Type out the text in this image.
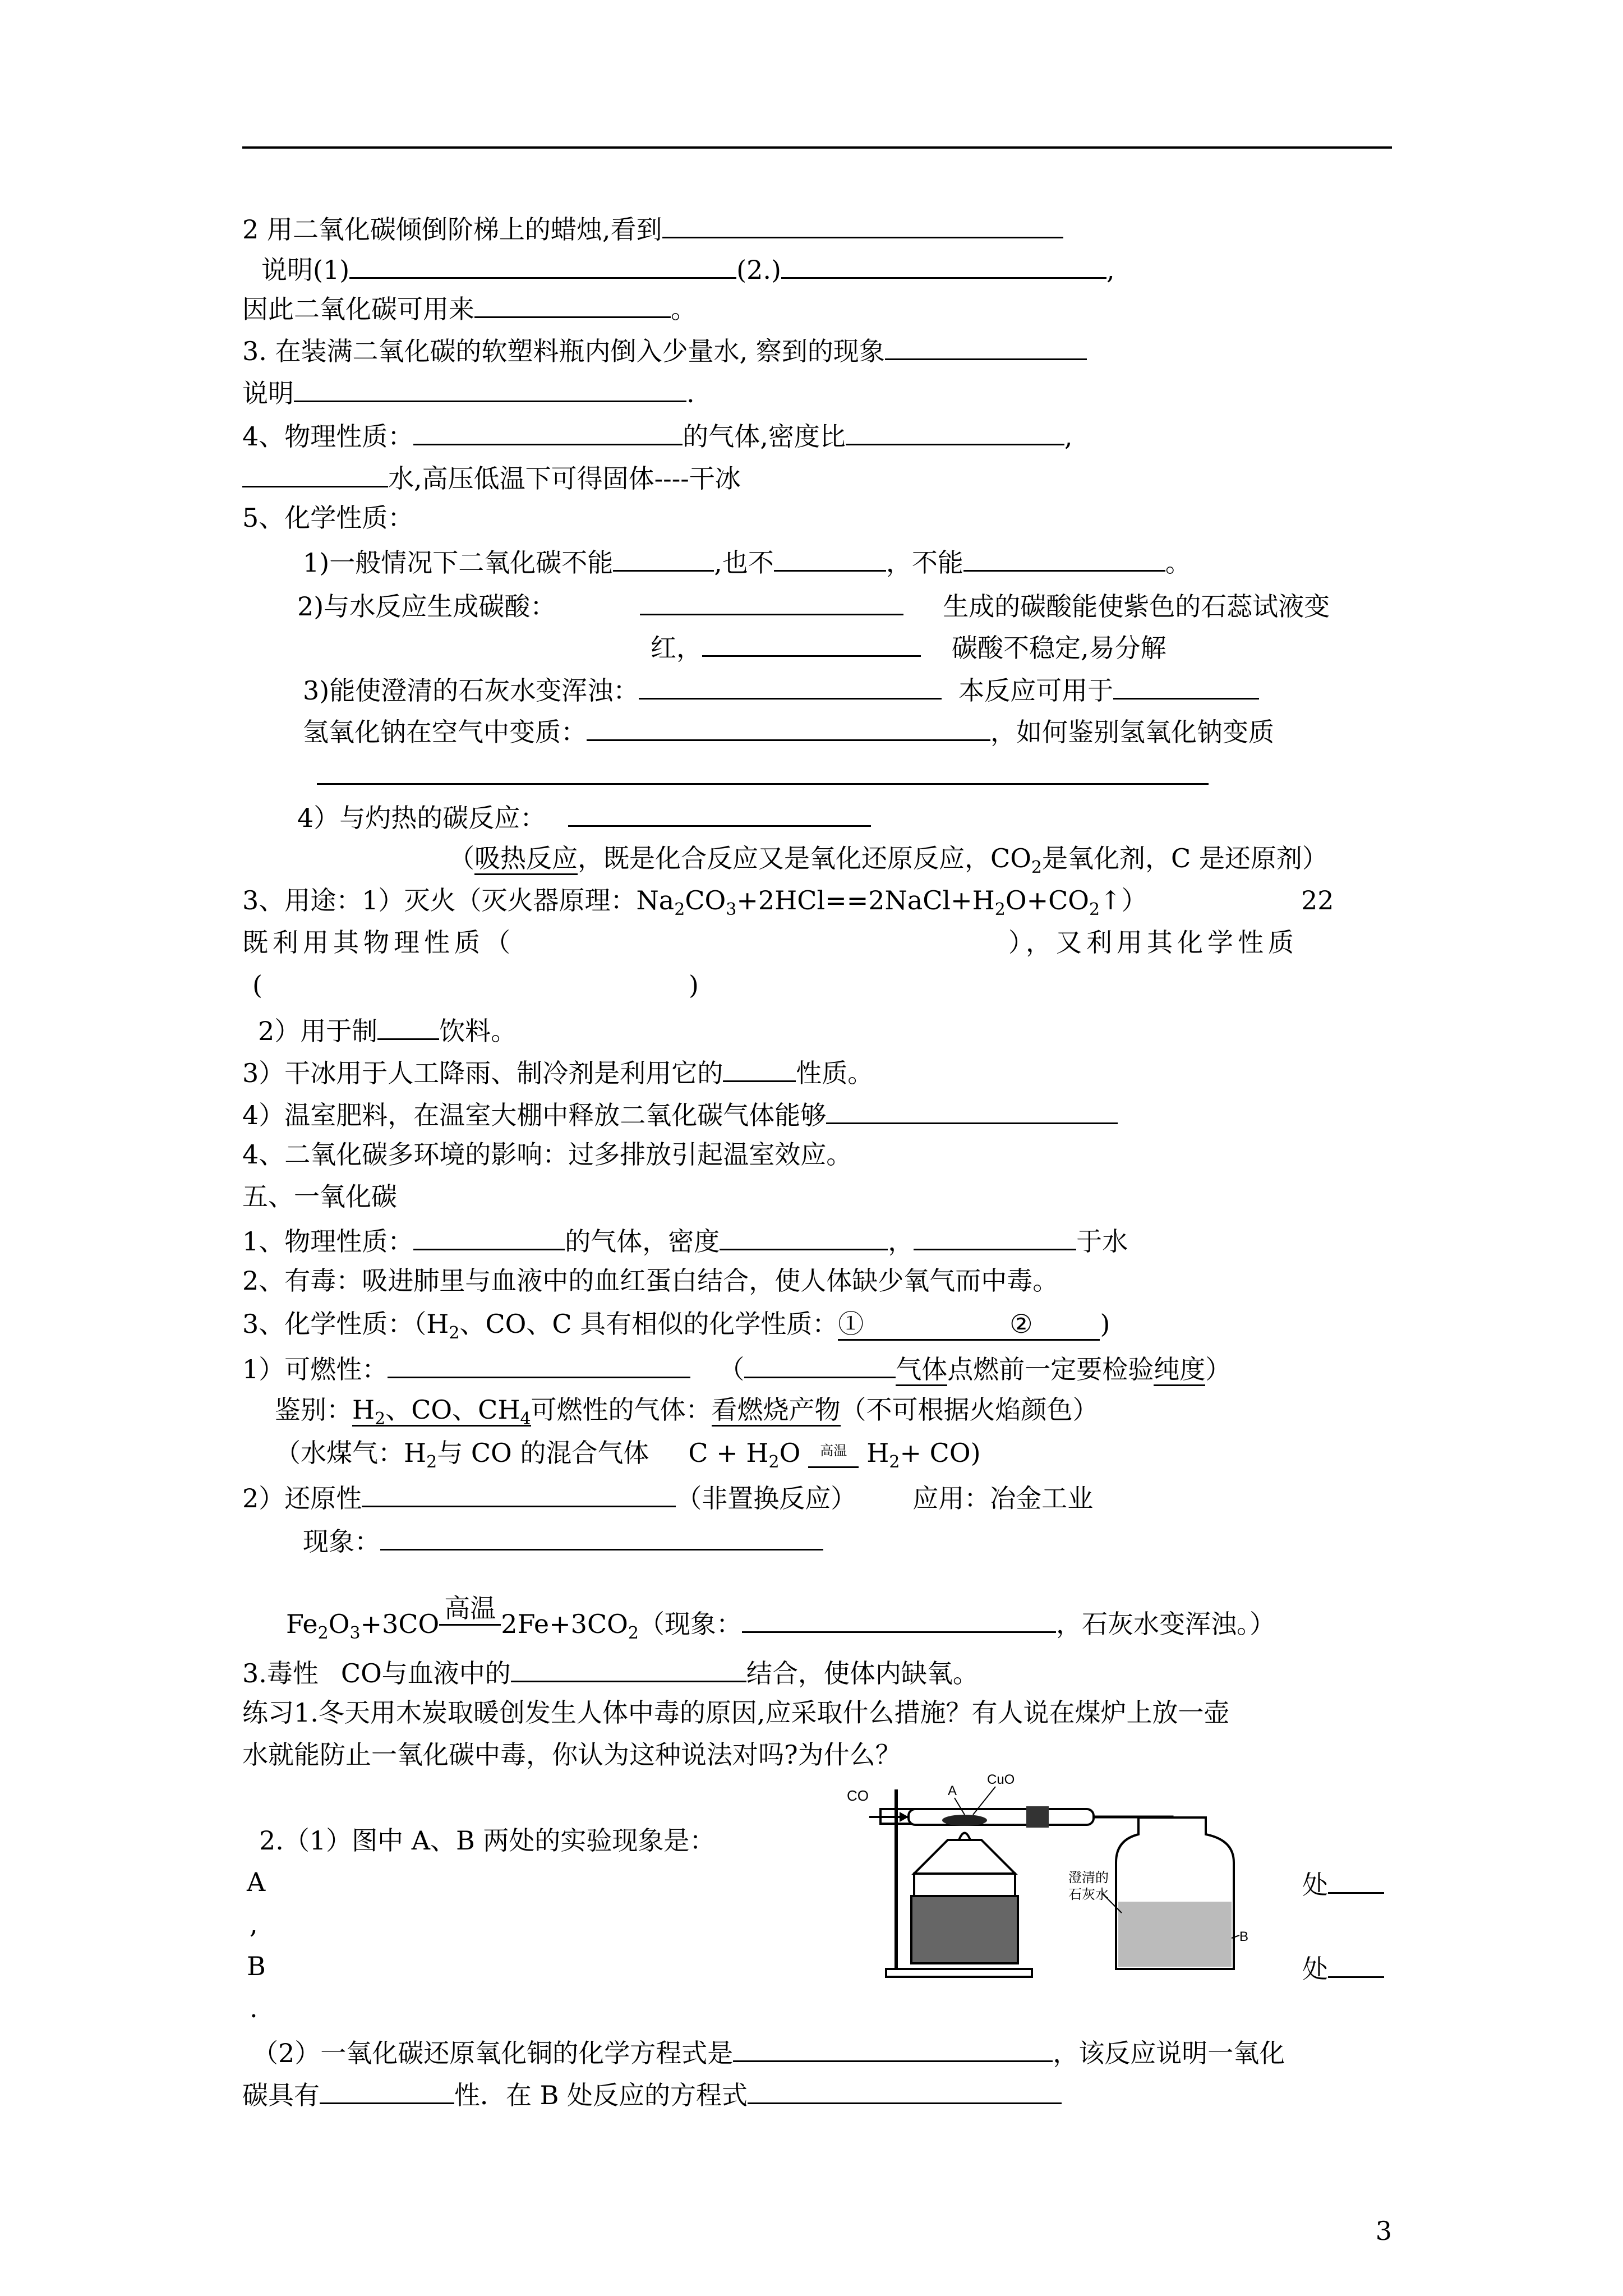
2 用二氧化碳倾倒阶梯上的蜡烛,看到
说明(1)	(2.)	,
因此二氧化碳可用来	。
3. 在装满二氧化碳的软塑料瓶内倒入少量水, 察到的现象
说明	.
4、物理性质：	的气体,密度比	,
水,高压低温下可得固体----干冰
5、化学性质：
1)一般情况下二氧化碳不能	,也不	，不能	。
2)与水反应生成碳酸：	生成的碳酸能使紫色的石蕊试液变
红，	碳酸不稳定,易分解
3)能使澄清的石灰水变浑浊：	本反应可用于
氢氧化钠在空气中变质：	，如何鉴别氢氧化钠变质
4）与灼热的碳反应：
（吸热反应，既是化合反应又是氧化还原反应，$CO_2$是氧化剂，C 是还原剂）
3、用途：1）灭火（灭火器原理：$Na_2CO_3+2HCl==2NaCl+H_2O+CO_2↑$）	22
既利用其物理性质（	），又利用其化学性质
(	)
2）用于制 饮料。
3）干冰用于人工降雨、制冷剂是利用它的	性质。
4）温室肥料，在温室大棚中释放二氧化碳气体能够
4、二氧化碳多环境的影响：过多排放引起温室效应。
五、一氧化碳
1、物理性质：	的气体，密度	，	于水
2、有毒：吸进肺里与血液中的血红蛋白结合，使人体缺少氧气而中毒。
3、化学性质：（$H_2$、CO、C 具有相似的化学性质：①	②	)
1）可燃性：	（	气体点燃前一定要检验纯度）
鉴别：$H_2$、CO、$CH_4$可燃性的气体：看燃烧产物（不可根据火焰颜色）
（水煤气：$H_2$与 CO 的混合气体 $C + H_2O$ 高温 $H_2+ CO$)
2）还原性	（非置换反应） 应用：冶金工业
现象：
$Fe_2O_3+3CO$高温$2Fe+3CO_2$（现象：	，石灰水变浑浊。）
3.毒性 CO与血液中的	结合，使体内缺氧。
练习1.冬天用木炭取暖创发生人体中毒的原因,应采取什么措施？有人说在煤炉上放一壶
水就能防止一氧化碳中毒，你认为这种说法对吗?为什么？
2.（1）图中 A、B 两处的实验现象是：
A
,
B
.
处
处
（2）一氧化碳还原氧化铜的化学方程式是	，该反应说明一氧化
碳具有	性．在 B 处反应的方程式
CO	A
CuO
澄清的
石灰水
B
3
